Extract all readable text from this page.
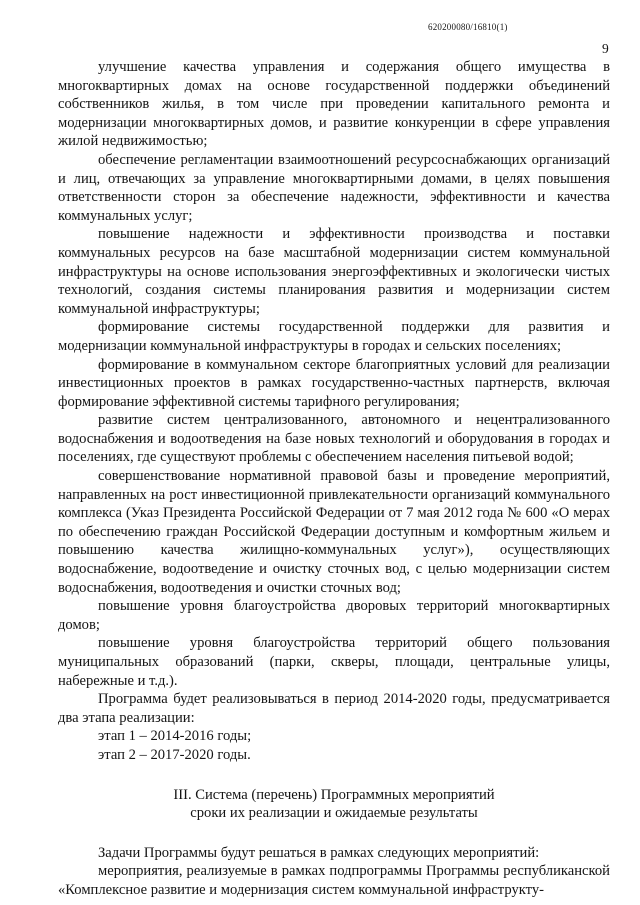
620200080/16810(1)
9

улучшение качества управления и содержания общего имущества в многоквартирных домах на основе государственной поддержки объединений собственников жилья, в том числе при проведении капитального ремонта и модернизации многоквартирных домов, и развитие конкуренции в сфере управления жилой недвижимостью;

обеспечение регламентации взаимоотношений ресурсоснабжающих организаций и лиц, отвечающих за управление многоквартирными домами, в целях повышения ответственности сторон за обеспечение надежности, эффективности и качества коммунальных услуг;

повышение надежности и эффективности производства и поставки коммунальных ресурсов на базе масштабной модернизации систем коммунальной инфраструктуры на основе использования энергоэффективных и экологически чистых технологий, создания системы планирования развития и модернизации систем коммунальной инфраструктуры;

формирование системы государственной поддержки для развития и модернизации коммунальной инфраструктуры в городах и сельских поселениях;

формирование в коммунальном секторе благоприятных условий для реализации инвестиционных проектов в рамках государственно-частных партнерств, включая формирование эффективной системы тарифного регулирования;

развитие систем централизованного, автономного и нецентрализованного водоснабжения и водоотведения на базе новых технологий и оборудования в городах и поселениях, где существуют проблемы с обеспечением населения питьевой водой;

совершенствование нормативной правовой базы и проведение мероприятий, направленных на рост инвестиционной привлекательности организаций коммунального комплекса (Указ Президента Российской Федерации от 7 мая 2012 года № 600 «О мерах по обеспечению граждан Российской Федерации доступным и комфортным жильем и повышению качества жилищно-коммунальных услуг»), осуществляющих водоснабжение, водоотведение и очистку сточных вод, с целью модернизации систем водоснабжения, водоотведения и очистки сточных вод;

повышение уровня благоустройства дворовых территорий многоквартирных домов;

повышение уровня благоустройства территорий общего пользования муниципальных образований (парки, скверы, площади, центральные улицы, набережные и т.д.).

Программа будет реализовываться в период 2014-2020 годы, предусматривается два этапа реализации:

этап 1 – 2014-2016 годы;

этап 2 – 2017-2020 годы.

III. Система (перечень) Программных мероприятий
сроки их реализации и ожидаемые результаты

Задачи Программы будут решаться в рамках следующих мероприятий:

мероприятия, реализуемые в рамках подпрограммы Программы республиканской «Комплексное развитие и модернизация систем коммунальной инфраструкту-
